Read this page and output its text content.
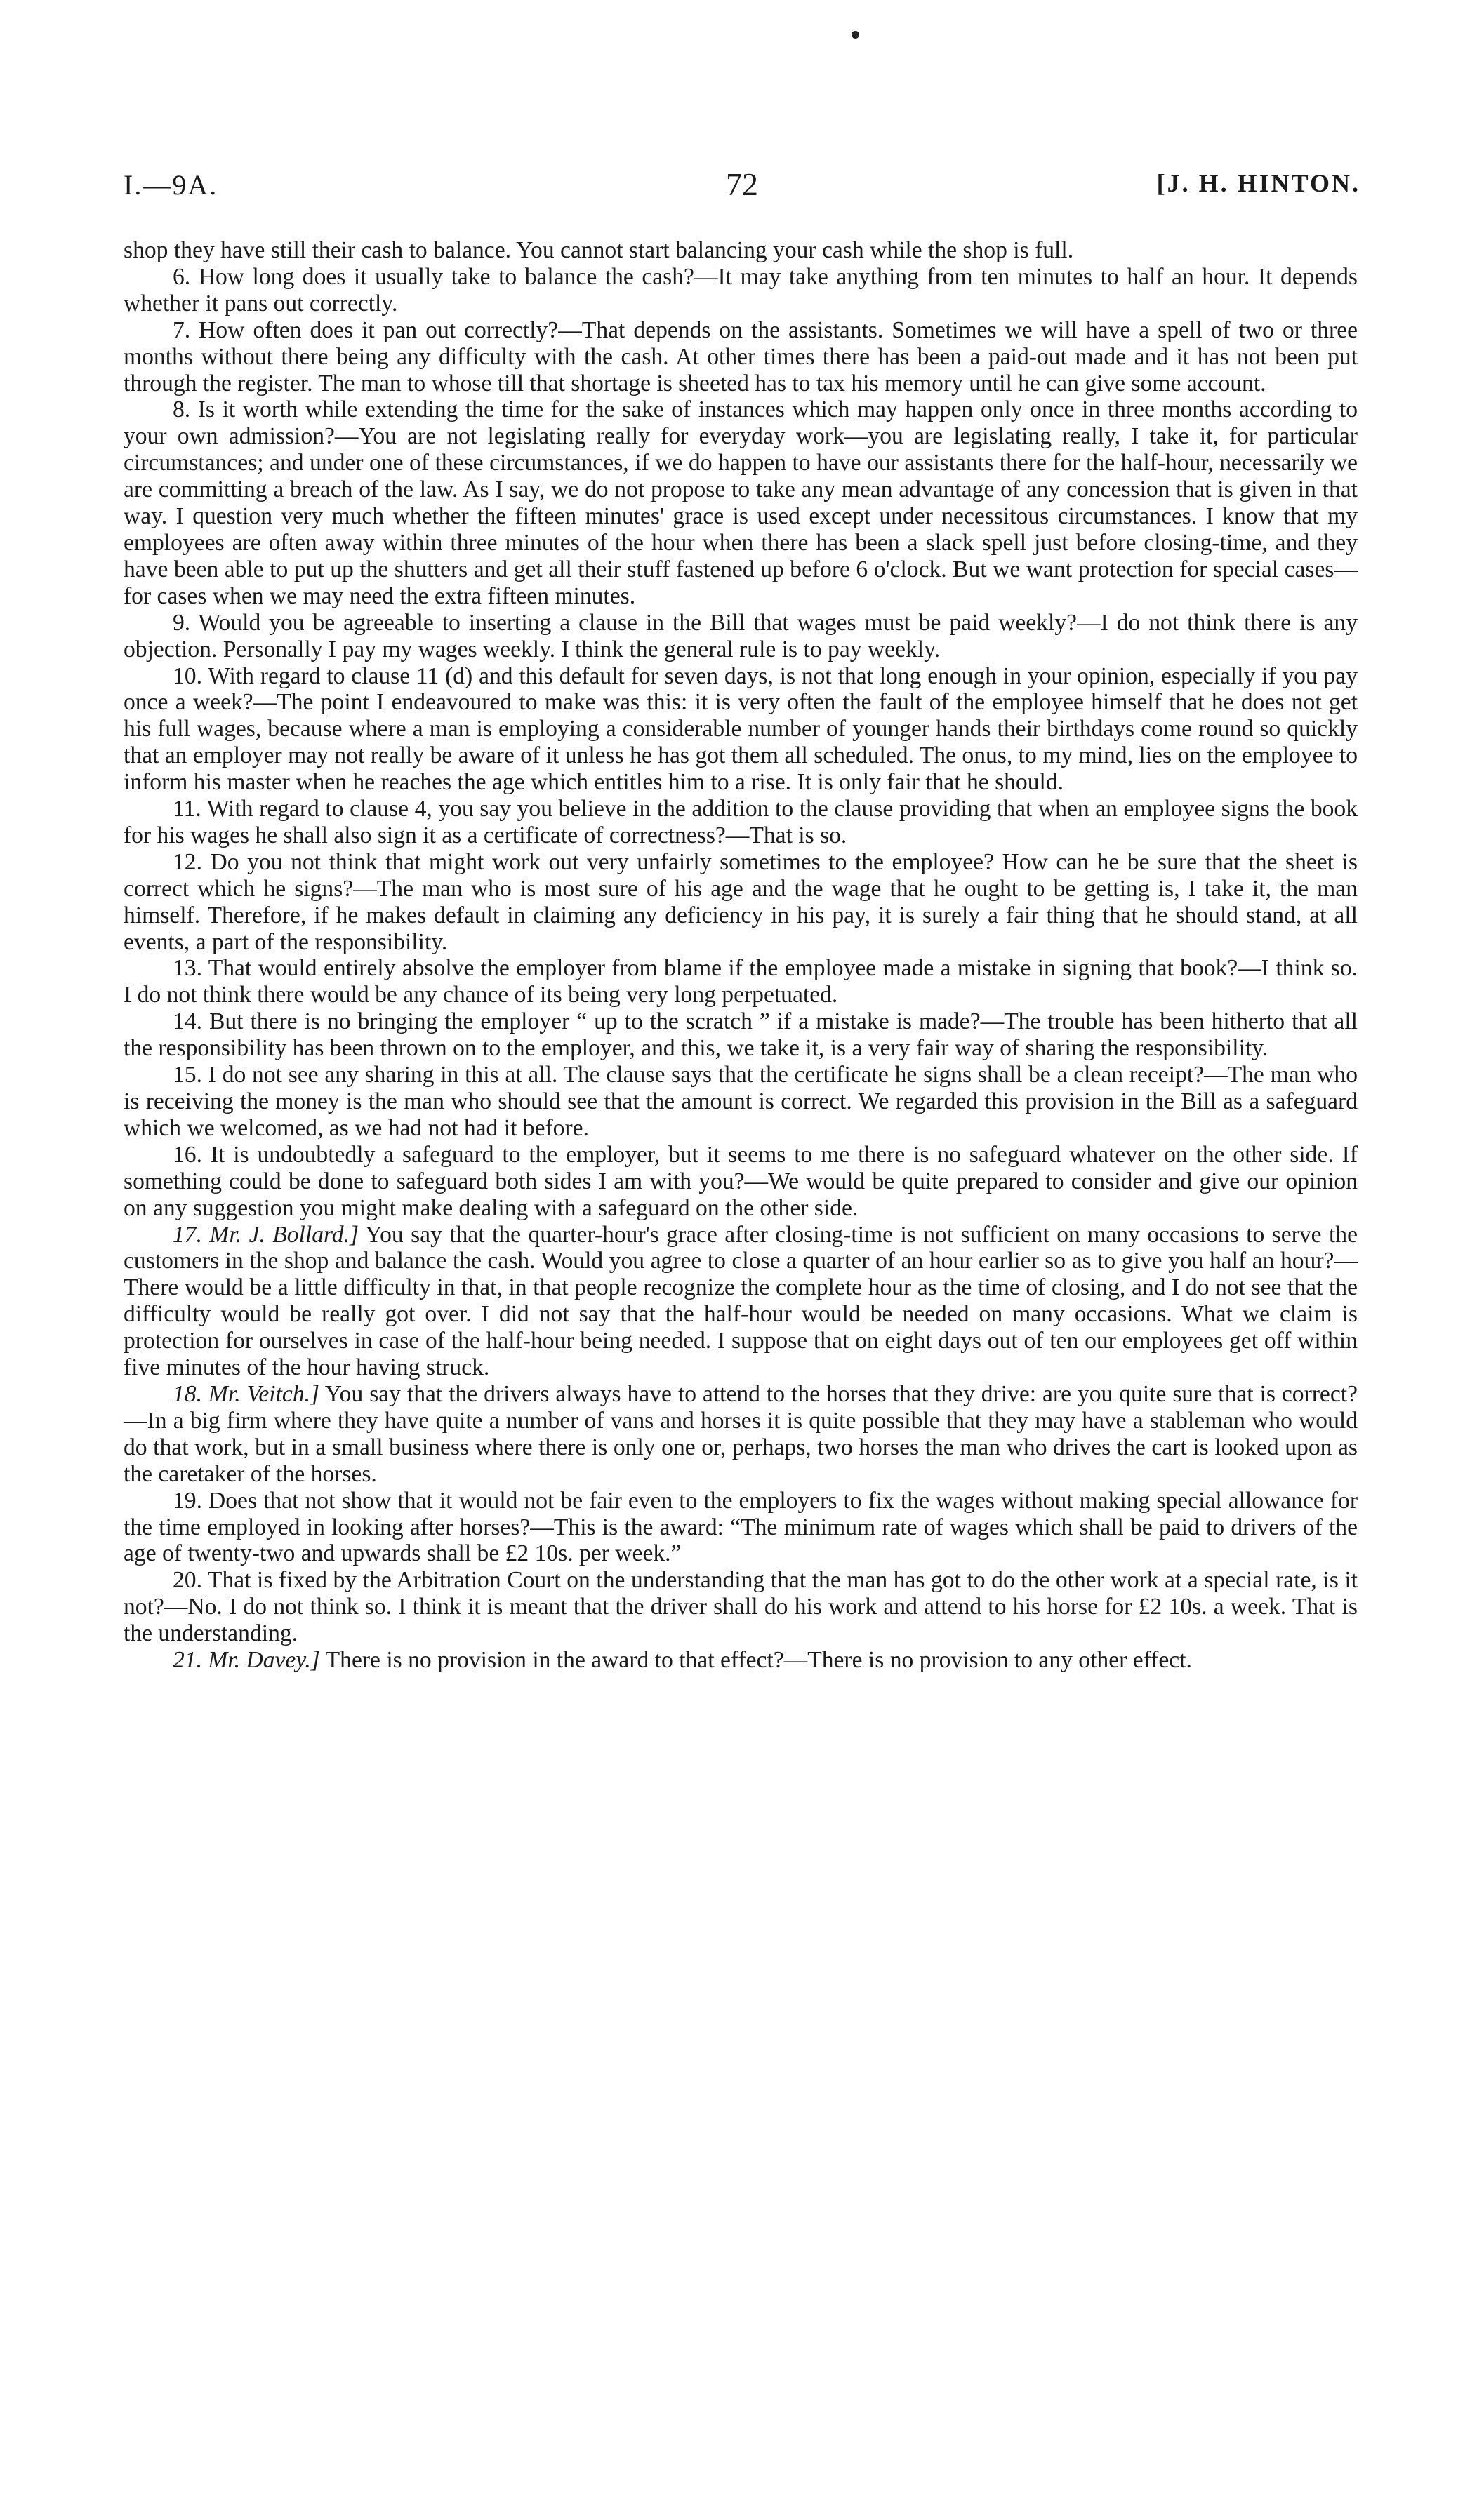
I.—9A.	72	[J. H. HINTON.

shop they have still their cash to balance. You cannot start balancing your cash while the shop is full.

6. How long does it usually take to balance the cash?—It may take anything from ten minutes to half an hour. It depends whether it pans out correctly.

7. How often does it pan out correctly?—That depends on the assistants. Sometimes we will have a spell of two or three months without there being any difficulty with the cash. At other times there has been a paid-out made and it has not been put through the register. The man to whose till that shortage is sheeted has to tax his memory until he can give some account.

8. Is it worth while extending the time for the sake of instances which may happen only once in three months according to your own admission?—You are not legislating really for everyday work—you are legislating really, I take it, for particular circumstances; and under one of these circumstances, if we do happen to have our assistants there for the half-hour, necessarily we are committing a breach of the law. As I say, we do not propose to take any mean advantage of any concession that is given in that way. I question very much whether the fifteen minutes' grace is used except under necessitous circumstances. I know that my employees are often away within three minutes of the hour when there has been a slack spell just before closing-time, and they have been able to put up the shutters and get all their stuff fastened up before 6 o'clock. But we want protection for special cases—for cases when we may need the extra fifteen minutes.

9. Would you be agreeable to inserting a clause in the Bill that wages must be paid weekly?—I do not think there is any objection. Personally I pay my wages weekly. I think the general rule is to pay weekly.

10. With regard to clause 11 (d) and this default for seven days, is not that long enough in your opinion, especially if you pay once a week?—The point I endeavoured to make was this: it is very often the fault of the employee himself that he does not get his full wages, because where a man is employing a considerable number of younger hands their birthdays come round so quickly that an employer may not really be aware of it unless he has got them all scheduled. The onus, to my mind, lies on the employee to inform his master when he reaches the age which entitles him to a rise. It is only fair that he should.

11. With regard to clause 4, you say you believe in the addition to the clause providing that when an employee signs the book for his wages he shall also sign it as a certificate of correctness?—That is so.

12. Do you not think that might work out very unfairly sometimes to the employee? How can he be sure that the sheet is correct which he signs?—The man who is most sure of his age and the wage that he ought to be getting is, I take it, the man himself. Therefore, if he makes default in claiming any deficiency in his pay, it is surely a fair thing that he should stand, at all events, a part of the responsibility.

13. That would entirely absolve the employer from blame if the employee made a mistake in signing that book?—I think so. I do not think there would be any chance of its being very long perpetuated.

14. But there is no bringing the employer “ up to the scratch ” if a mistake is made?—The trouble has been hitherto that all the responsibility has been thrown on to the employer, and this, we take it, is a very fair way of sharing the responsibility.

15. I do not see any sharing in this at all. The clause says that the certificate he signs shall be a clean receipt?—The man who is receiving the money is the man who should see that the amount is correct. We regarded this provision in the Bill as a safeguard which we welcomed, as we had not had it before.

16. It is undoubtedly a safeguard to the employer, but it seems to me there is no safeguard whatever on the other side. If something could be done to safeguard both sides I am with you?—We would be quite prepared to consider and give our opinion on any suggestion you might make dealing with a safeguard on the other side.

17. Mr. J. Bollard.] You say that the quarter-hour's grace after closing-time is not sufficient on many occasions to serve the customers in the shop and balance the cash. Would you agree to close a quarter of an hour earlier so as to give you half an hour?—There would be a little difficulty in that, in that people recognize the complete hour as the time of closing, and I do not see that the difficulty would be really got over. I did not say that the half-hour would be needed on many occasions. What we claim is protection for ourselves in case of the half-hour being needed. I suppose that on eight days out of ten our employees get off within five minutes of the hour having struck.

18. Mr. Veitch.] You say that the drivers always have to attend to the horses that they drive: are you quite sure that is correct?—In a big firm where they have quite a number of vans and horses it is quite possible that they may have a stableman who would do that work, but in a small business where there is only one or, perhaps, two horses the man who drives the cart is looked upon as the caretaker of the horses.

19. Does that not show that it would not be fair even to the employers to fix the wages without making special allowance for the time employed in looking after horses?—This is the award: “The minimum rate of wages which shall be paid to drivers of the age of twenty-two and upwards shall be £2 10s. per week.”

20. That is fixed by the Arbitration Court on the understanding that the man has got to do the other work at a special rate, is it not?—No. I do not think so. I think it is meant that the driver shall do his work and attend to his horse for £2 10s. a week. That is the understanding.

21. Mr. Davey.] There is no provision in the award to that effect?—There is no provision to any other effect.
